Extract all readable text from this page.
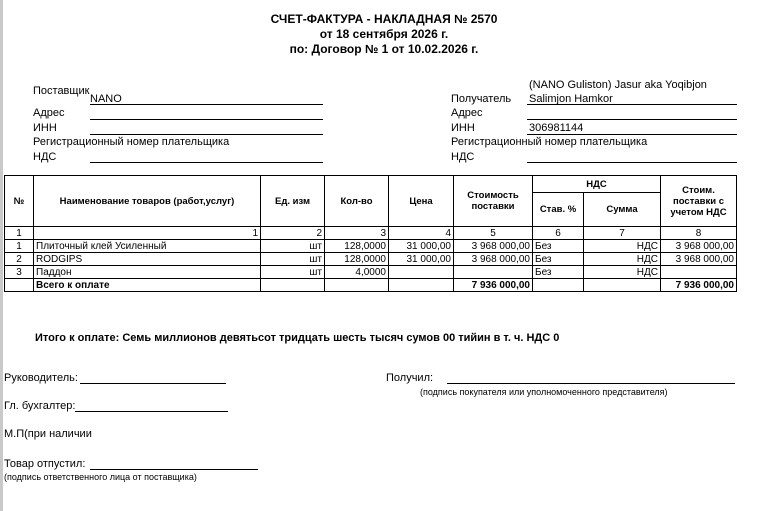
СЧЕТ-ФАКТУРА - НАКЛАДНАЯ № 2570
от 18 сентября 2026 г.
по: Договор № 1 от 10.02.2026 г.
Поставщик
NANO
Адрес
ИНН
Регистрационный номер плательщика
НДС
(NANO Guliston) Jasur aka Yoqibjon
Получатель Salimjon Hamkor
Адрес
ИНН	306981144
Регистрационный номер плательщика
НДС
№	Наименование товаров (работ,услуг)	Ед. изм	Кол-во	Цена	Стоимость поставки	НДС		Стоим. поставки с учетом НДС
						Став. %	Сумма	
1	1	2	3	4	5	6	7	8
1	Плиточный клей Усиленный	шт	128,0000	31 000,00	3 968 000,00	Без	НДС	3 968 000,00
2	RODGIPS	шт	128,0000	31 000,00	3 968 000,00	Без	НДС	3 968 000,00
3	Паддон	шт	4,0000			Без	НДС	
	Всего к оплате				7 936 000,00			7 936 000,00
Итого к оплате: Семь миллионов девятьсот тридцать шесть тысяч сумов 00 тийин в т. ч. НДС 0
Руководитель:
Гл. бухгалтер:
М.П(при наличии
Товар отпустил:
(подпись ответственного лица от поставщика)
Получил:
(подпись покупателя или уполномоченного представителя)
